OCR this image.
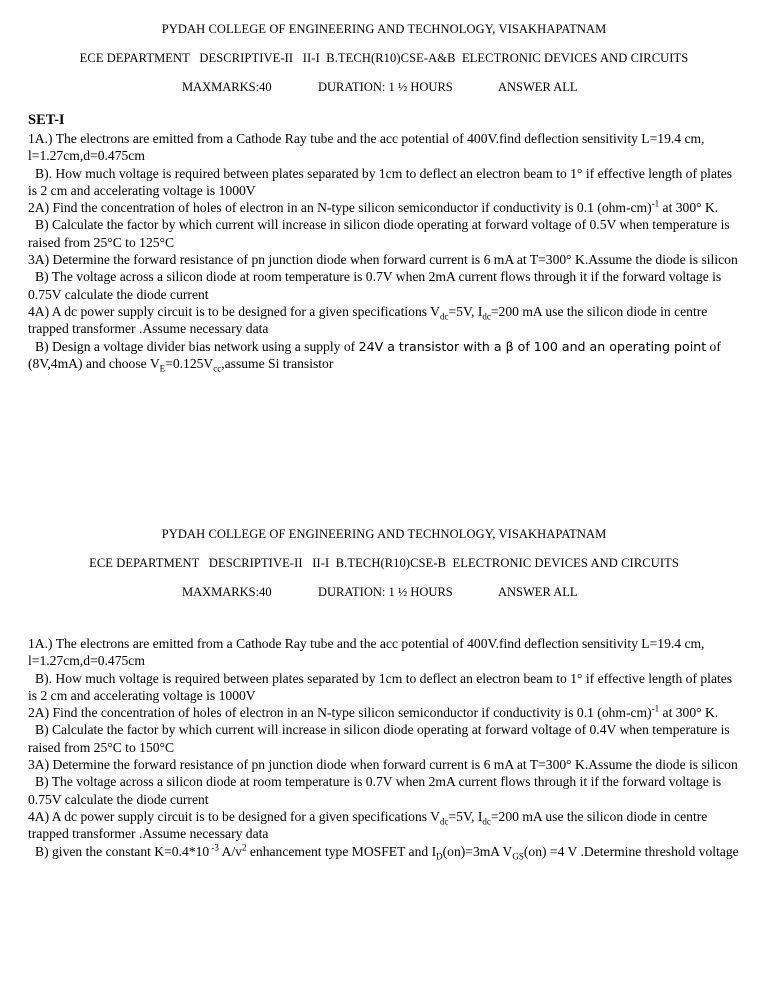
PYDAH COLLEGE OF ENGINEERING AND TECHNOLOGY, VISAKHAPATNAM
ECE DEPARTMENT   DESCRIPTIVE-II   II-I  B.TECH(R10)CSE-A&B  ELECTRONIC DEVICES AND CIRCUITS

MAXMARKS:40

	DURATION: 1 ½ HOURS

	ANSWER ALL

SET-I

1A.) The electrons are emitted from a Cathode Ray tube and the acc potential of 400V.find deflection sensitivity L=19.4 cm, l=1.27cm,d=0.475cm

B). How much voltage is required between plates separated by 1cm to deflect an electron beam to 1° if effective length of plates is 2 cm and accelerating voltage is 1000V

2A) Find the concentration of holes of electron in an N-type silicon semiconductor if conductivity is 0.1 $(ohm-cm)^{-1}$ at 300° K.

B) Calculate the factor by which current will increase in silicon diode operating at forward voltage of 0.5V when temperature is raised from 25°C to 125°C

3A) Determine the forward resistance of pn junction diode when forward current is 6 mA at T=300° K.Assume the diode is silicon

B) The voltage across a silicon diode at room temperature is 0.7V when 2mA current flows through it if the forward voltage is 0.75V calculate the diode current

4A) A dc power supply circuit is to be designed for a given specifications $V_{dc}=5V$, $I_{dc}=200$ mA use the silicon diode in centre trapped transformer .Assume necessary data

B) Design a voltage divider bias network using a supply of 24V a transistor with a β of 100 and an operating point of (8V,4mA) and choose $V_E=0.125V_{cc},assume$ Si transistor

PYDAH COLLEGE OF ENGINEERING AND TECHNOLOGY, VISAKHAPATNAM
ECE DEPARTMENT   DESCRIPTIVE-II   II-I  B.TECH(R10)CSE-B  ELECTRONIC DEVICES AND CIRCUITS

MAXMARKS:40

	DURATION: 1 ½ HOURS

	ANSWER ALL

1A.) The electrons are emitted from a Cathode Ray tube and the acc potential of 400V.find deflection sensitivity L=19.4 cm, l=1.27cm,d=0.475cm

B). How much voltage is required between plates separated by 1cm to deflect an electron beam to 1° if effective length of plates is 2 cm and accelerating voltage is 1000V

2A) Find the concentration of holes of electron in an N-type silicon semiconductor if conductivity is 0.1 $(ohm-cm)^{-1}$ at 300° K.

B) Calculate the factor by which current will increase in silicon diode operating at forward voltage of 0.4V when temperature is raised from 25°C to 150°C

3A) Determine the forward resistance of pn junction diode when forward current is 6 mA at T=300° K.Assume the diode is silicon

B) The voltage across a silicon diode at room temperature is 0.7V when 2mA current flows through it if the forward voltage is 0.75V calculate the diode current

4A) A dc power supply circuit is to be designed for a given specifications $V_{dc}=5V$, $I_{dc}=200$ mA use the silicon diode in centre trapped transformer .Assume necessary data

B) given the constant K=0.4*10 $^{-3}$ $A/v^2$ enhancement type MOSFET and $I_D(on)=3mA$ $V_{GS}(on) =4$ V .Determine threshold voltage
